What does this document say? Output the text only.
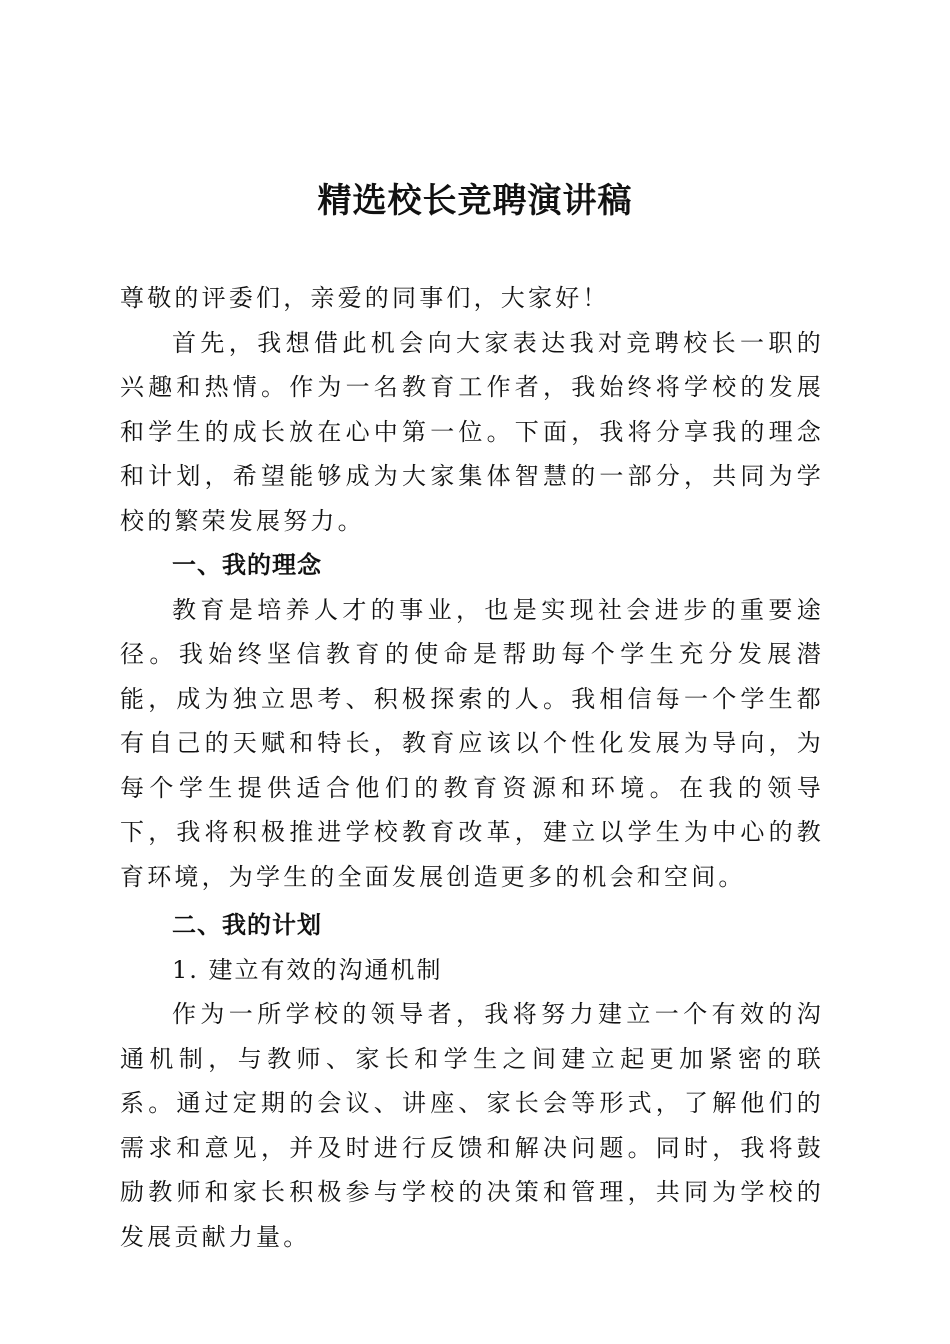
精选校长竞聘演讲稿

尊敬的评委们，亲爱的同事们，大家好！

首先，我想借此机会向大家表达我对竞聘校长一职的兴趣和热情。作为一名教育工作者，我始终将学校的发展和学生的成长放在心中第一位。下面，我将分享我的理念和计划，希望能够成为大家集体智慧的一部分，共同为学校的繁荣发展努力。

一、我的理念

教育是培养人才的事业，也是实现社会进步的重要途径。我始终坚信教育的使命是帮助每个学生充分发展潜能，成为独立思考、积极探索的人。我相信每一个学生都有自己的天赋和特长，教育应该以个性化发展为导向，为每个学生提供适合他们的教育资源和环境。在我的领导下，我将积极推进学校教育改革，建立以学生为中心的教育环境，为学生的全面发展创造更多的机会和空间。

二、我的计划

1. 建立有效的沟通机制

作为一所学校的领导者，我将努力建立一个有效的沟通机制，与教师、家长和学生之间建立起更加紧密的联系。通过定期的会议、讲座、家长会等形式，了解他们的需求和意见，并及时进行反馈和解决问题。同时，我将鼓励教师和家长积极参与学校的决策和管理，共同为学校的发展贡献力量。
